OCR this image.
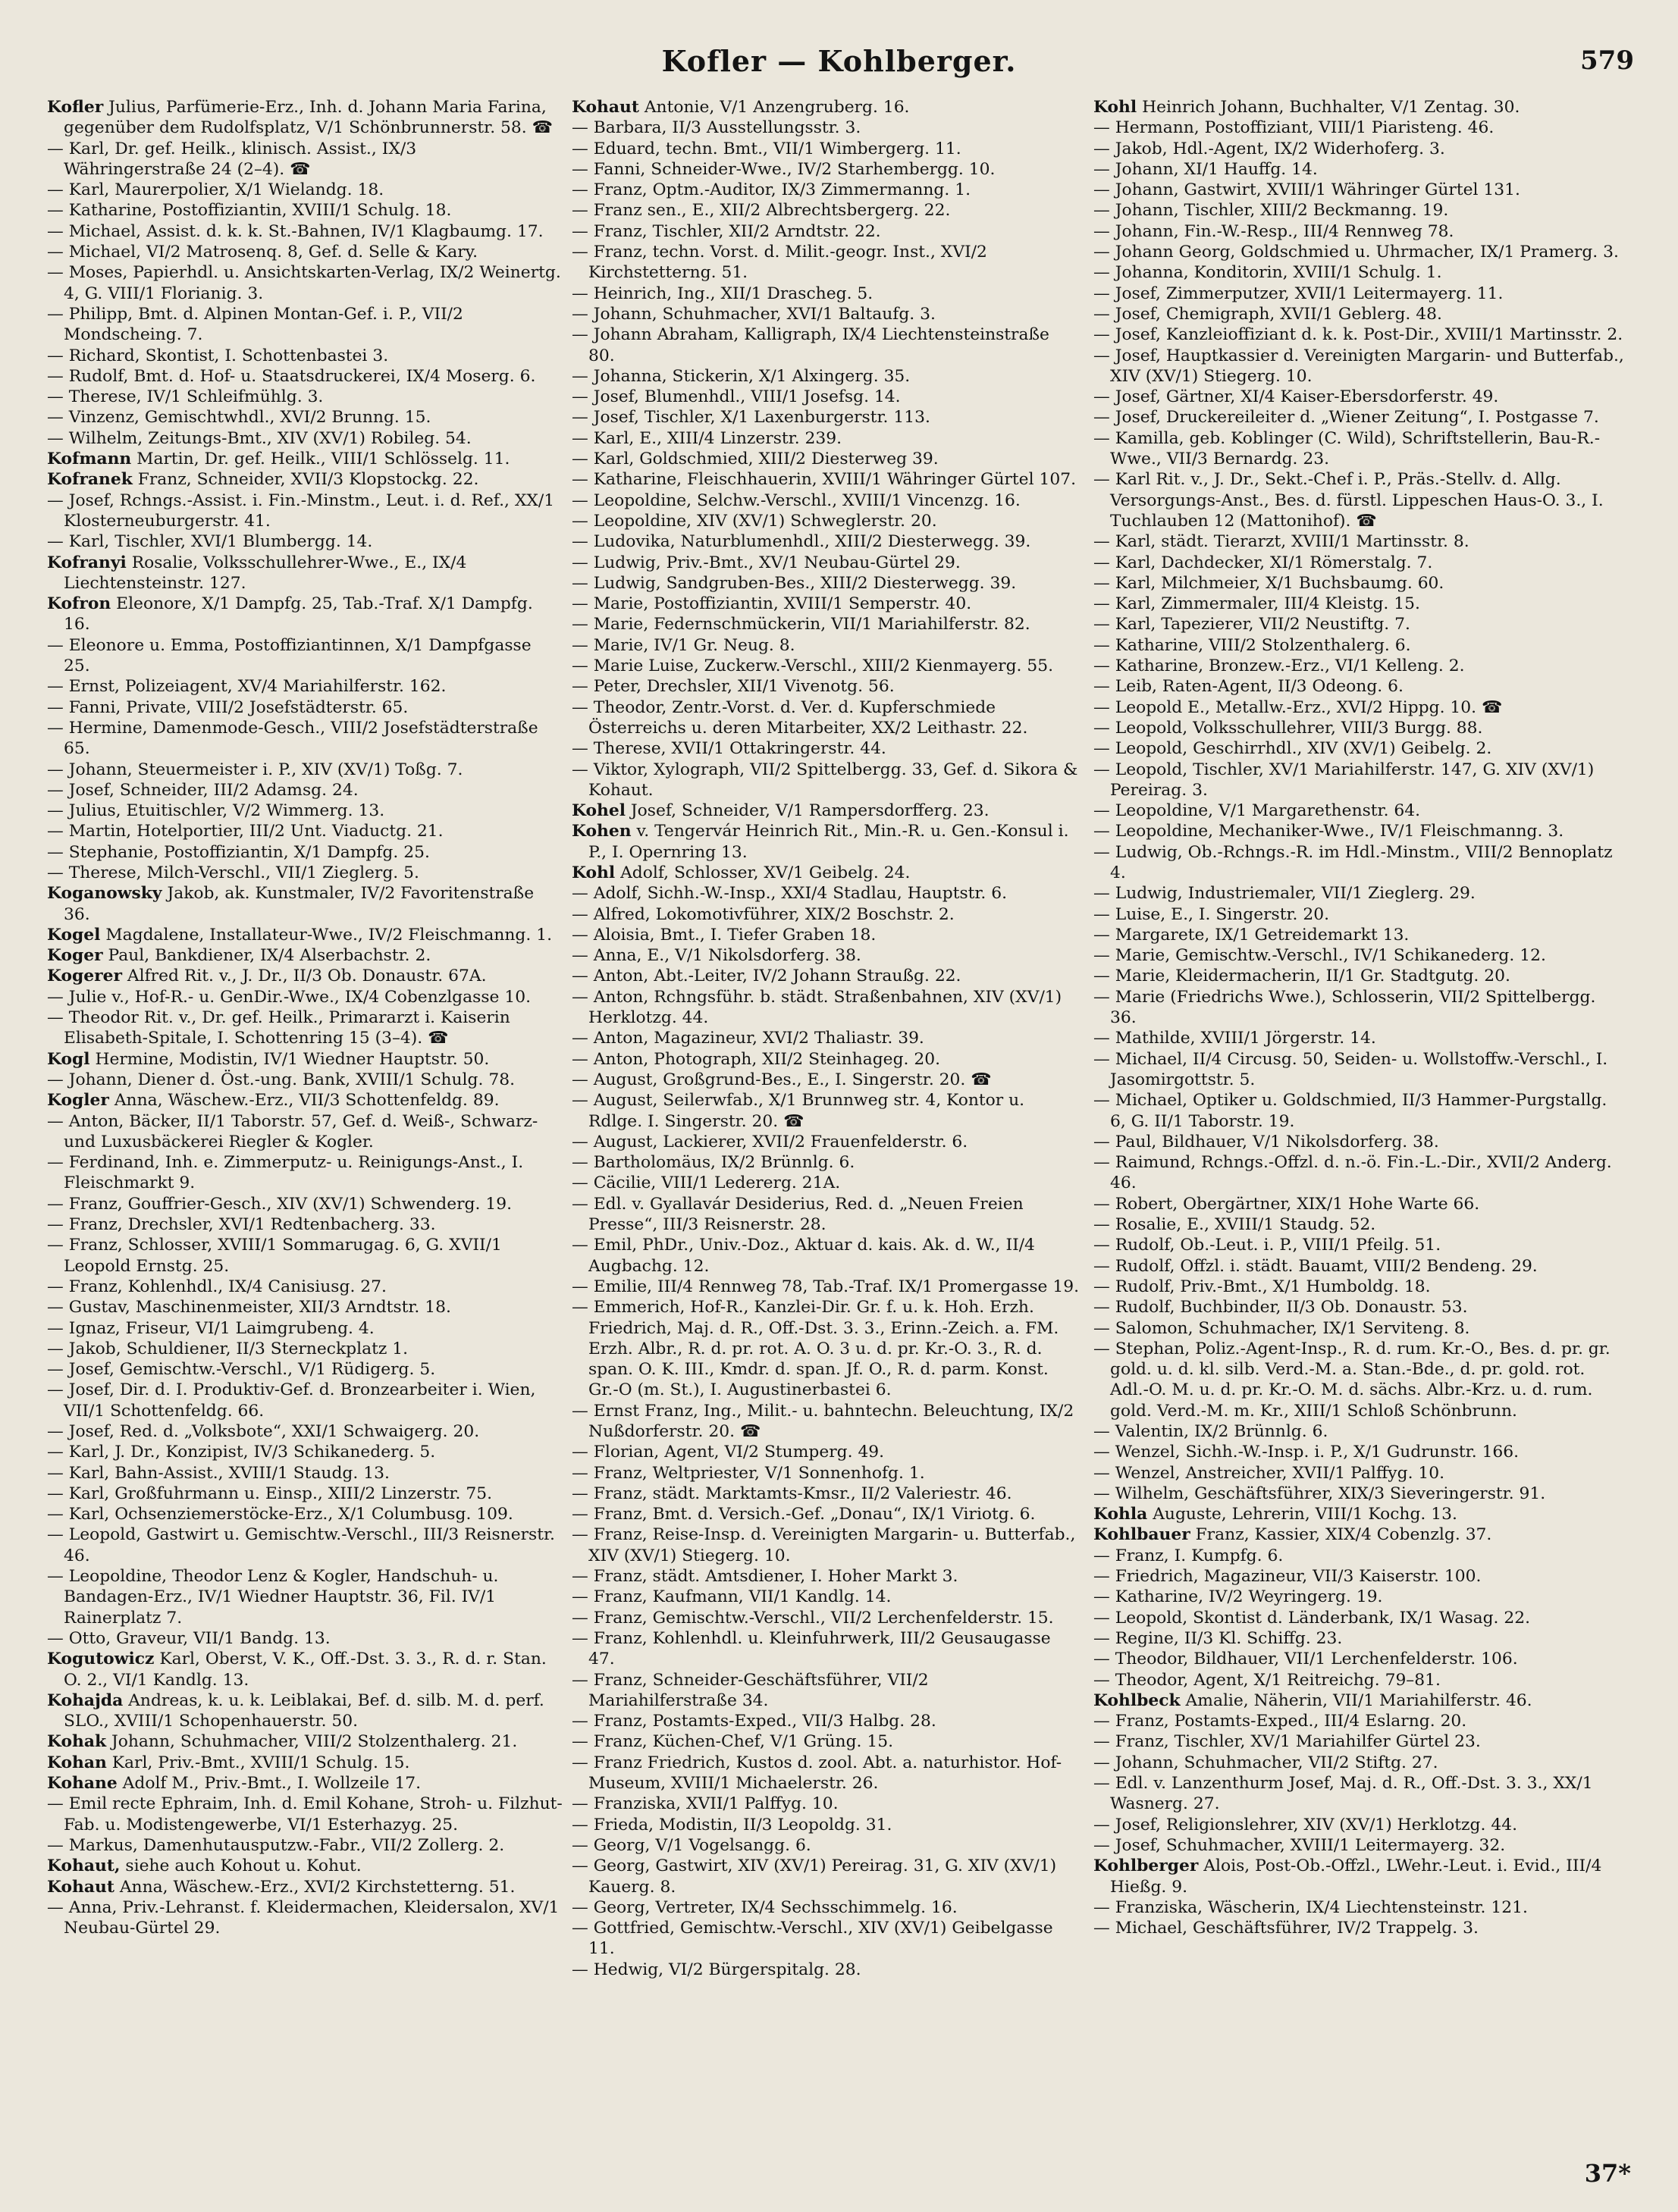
Kofler — Kohlberger.	579

Kofler Julius, Parfümerie-Erz., Inh. d. Johann Maria Farina, gegenüber dem Rudolfsplatz, V/1 Schönbrunnerstr. 58. ☎

— Karl, Dr. gef. Heilk., klinisch. Assist., IX/3 Währingerstraße 24 (2–4). ☎

— Karl, Maurerpolier, X/1 Wielandg. 18.

— Katharine, Postoffiziantin, XVIII/1 Schulg. 18.

— Michael, Assist. d. k. k. St.-Bahnen, IV/1 Klagbaumg. 17.

— Michael, VI/2 Matrosenq. 8, Gef. d. Selle & Kary.

— Moses, Papierhdl. u. Ansichtskarten-Verlag, IX/2 Weinertg. 4, G. VIII/1 Florianig. 3.

— Philipp, Bmt. d. Alpinen Montan-Gef. i. P., VII/2 Mondscheing. 7.

— Richard, Skontist, I. Schottenbastei 3.

— Rudolf, Bmt. d. Hof- u. Staatsdruckerei, IX/4 Moserg. 6.

— Therese, IV/1 Schleifmühlg. 3.

— Vinzenz, Gemischtwhdl., XVI/2 Brunng. 15.

— Wilhelm, Zeitungs-Bmt., XIV (XV/1) Robileg. 54.

Kofmann Martin, Dr. gef. Heilk., VIII/1 Schlösselg. 11.

Kofranek Franz, Schneider, XVII/3 Klopstockg. 22.

— Josef, Rchngs.-Assist. i. Fin.-Minstm., Leut. i. d. Ref., XX/1 Klosterneuburgerstr. 41.

— Karl, Tischler, XVI/1 Blumbergg. 14.

Kofranyi Rosalie, Volksschullehrer-Wwe., E., IX/4 Liechtensteinstr. 127.

Kofron Eleonore, X/1 Dampfg. 25, Tab.-Traf. X/1 Dampfg. 16.

— Eleonore u. Emma, Postoffiziantinnen, X/1 Dampfgasse 25.

— Ernst, Polizeiagent, XV/4 Mariahilferstr. 162.

— Fanni, Private, VIII/2 Josefstädterstr. 65.

— Hermine, Damenmode-Gesch., VIII/2 Josefstädterstraße 65.

— Johann, Steuermeister i. P., XIV (XV/1) Toßg. 7.

— Josef, Schneider, III/2 Adamsg. 24.

— Julius, Etuitischler, V/2 Wimmerg. 13.

— Martin, Hotelportier, III/2 Unt. Viaductg. 21.

— Stephanie, Postoffiziantin, X/1 Dampfg. 25.

— Therese, Milch-Verschl., VII/1 Zieglerg. 5.

Koganowsky Jakob, ak. Kunstmaler, IV/2 Favoritenstraße 36.

Kogel Magdalene, Installateur-Wwe., IV/2 Fleischmanng. 1.

Koger Paul, Bankdiener, IX/4 Alserbachstr. 2.

Kogerer Alfred Rit. v., J. Dr., II/3 Ob. Donaustr. 67A.

— Julie v., Hof-R.- u. GenDir.-Wwe., IX/4 Cobenzlgasse 10.

— Theodor Rit. v., Dr. gef. Heilk., Primararzt i. Kaiserin Elisabeth-Spitale, I. Schottenring 15 (3–4). ☎

Kogl Hermine, Modistin, IV/1 Wiedner Hauptstr. 50.

— Johann, Diener d. Öst.-ung. Bank, XVIII/1 Schulg. 78.

Kogler Anna, Wäschew.-Erz., VII/3 Schottenfeldg. 89.

— Anton, Bäcker, II/1 Taborstr. 57, Gef. d. Weiß-, Schwarz- und Luxusbäckerei Riegler & Kogler.

— Ferdinand, Inh. e. Zimmerputz- u. Reinigungs-Anst., I. Fleischmarkt 9.

— Franz, Gouffrier-Gesch., XIV (XV/1) Schwenderg. 19.

— Franz, Drechsler, XVI/1 Redtenbacherg. 33.

— Franz, Schlosser, XVIII/1 Sommarugag. 6, G. XVII/1 Leopold Ernstg. 25.

— Franz, Kohlenhdl., IX/4 Canisiusg. 27.

— Gustav, Maschinenmeister, XII/3 Arndtstr. 18.

— Ignaz, Friseur, VI/1 Laimgrubeng. 4.

— Jakob, Schuldiener, II/3 Sterneckplatz 1.

— Josef, Gemischtw.-Verschl., V/1 Rüdigerg. 5.

— Josef, Dir. d. I. Produktiv-Gef. d. Bronzearbeiter i. Wien, VII/1 Schottenfeldg. 66.

— Josef, Red. d. „Volksbote“, XXI/1 Schwaigerg. 20.

— Karl, J. Dr., Konzipist, IV/3 Schikanederg. 5.

— Karl, Bahn-Assist., XVIII/1 Staudg. 13.

— Karl, Großfuhrmann u. Einsp., XIII/2 Linzerstr. 75.

— Karl, Ochsenziemerstöcke-Erz., X/1 Columbusg. 109.

— Leopold, Gastwirt u. Gemischtw.-Verschl., III/3 Reisnerstr. 46.

— Leopoldine, Theodor Lenz & Kogler, Handschuh- u. Bandagen-Erz., IV/1 Wiedner Hauptstr. 36, Fil. IV/1 Rainerplatz 7.

— Otto, Graveur, VII/1 Bandg. 13.

Kogutowicz Karl, Oberst, V. K., Off.-Dst. 3. 3., R. d. r. Stan. O. 2., VI/1 Kandlg. 13.

Kohajda Andreas, k. u. k. Leiblakai, Bef. d. silb. M. d. perf. SLO., XVIII/1 Schopenhauerstr. 50.

Kohak Johann, Schuhmacher, VIII/2 Stolzenthalerg. 21.

Kohan Karl, Priv.-Bmt., XVIII/1 Schulg. 15.

Kohane Adolf M., Priv.-Bmt., I. Wollzeile 17.

— Emil recte Ephraim, Inh. d. Emil Kohane, Stroh- u. Filzhut-Fab. u. Modistengewerbe, VI/1 Esterhazyg. 25.

— Markus, Damenhutausputzw.-Fabr., VII/2 Zollerg. 2.

Kohaut, siehe auch Kohout u. Kohut.

Kohaut Anna, Wäschew.-Erz., XVI/2 Kirchstetterng. 51.

— Anna, Priv.-Lehranst. f. Kleidermachen, Kleidersalon, XV/1 Neubau-Gürtel 29.

Kohaut Antonie, V/1 Anzengruberg. 16.

— Barbara, II/3 Ausstellungsstr. 3.

— Eduard, techn. Bmt., VII/1 Wimbergerg. 11.

— Fanni, Schneider-Wwe., IV/2 Starhembergg. 10.

— Franz, Optm.-Auditor, IX/3 Zimmermanng. 1.

— Franz sen., E., XII/2 Albrechtsbergerg. 22.

— Franz, Tischler, XII/2 Arndtstr. 22.

— Franz, techn. Vorst. d. Milit.-geogr. Inst., XVI/2 Kirchstetterng. 51.

— Heinrich, Ing., XII/1 Drascheg. 5.

— Johann, Schuhmacher, XVI/1 Baltaufg. 3.

— Johann Abraham, Kalligraph, IX/4 Liechtensteinstraße 80.

— Johanna, Stickerin, X/1 Alxingerg. 35.

— Josef, Blumenhdl., VIII/1 Josefsg. 14.

— Josef, Tischler, X/1 Laxenburgerstr. 113.

— Karl, E., XIII/4 Linzerstr. 239.

— Karl, Goldschmied, XIII/2 Diesterweg 39.

— Katharine, Fleischhauerin, XVIII/1 Währinger Gürtel 107.

— Leopoldine, Selchw.-Verschl., XVIII/1 Vincenzg. 16.

— Leopoldine, XIV (XV/1) Schweglerstr. 20.

— Ludovika, Naturblumenhdl., XIII/2 Diesterwegg. 39.

— Ludwig, Priv.-Bmt., XV/1 Neubau-Gürtel 29.

— Ludwig, Sandgruben-Bes., XIII/2 Diesterwegg. 39.

— Marie, Postoffiziantin, XVIII/1 Semperstr. 40.

— Marie, Federnschmückerin, VII/1 Mariahilferstr. 82.

— Marie, IV/1 Gr. Neug. 8.

— Marie Luise, Zuckerw.-Verschl., XIII/2 Kienmayerg. 55.

— Peter, Drechsler, XII/1 Vivenotg. 56.

— Theodor, Zentr.-Vorst. d. Ver. d. Kupferschmiede Österreichs u. deren Mitarbeiter, XX/2 Leithastr. 22.

— Therese, XVII/1 Ottakringerstr. 44.

— Viktor, Xylograph, VII/2 Spittelbergg. 33, Gef. d. Sikora & Kohaut.

Kohel Josef, Schneider, V/1 Rampersdorfferg. 23.

Kohen v. Tengervár Heinrich Rit., Min.-R. u. Gen.-Konsul i. P., I. Opernring 13.

Kohl Adolf, Schlosser, XV/1 Geibelg. 24.

— Adolf, Sichh.-W.-Insp., XXI/4 Stadlau, Hauptstr. 6.

— Alfred, Lokomotivführer, XIX/2 Boschstr. 2.

— Aloisia, Bmt., I. Tiefer Graben 18.

— Anna, E., V/1 Nikolsdorferg. 38.

— Anton, Abt.-Leiter, IV/2 Johann Straußg. 22.

— Anton, Rchngsführ. b. städt. Straßenbahnen, XIV (XV/1) Herklotzg. 44.

— Anton, Magazineur, XVI/2 Thaliastr. 39.

— Anton, Photograph, XII/2 Steinhageg. 20.

— August, Großgrund-Bes., E., I. Singerstr. 20. ☎

— August, Seilerwfab., X/1 Brunnweg str. 4, Kontor u. Rdlge. I. Singerstr. 20. ☎

— August, Lackierer, XVII/2 Frauenfelderstr. 6.

— Bartholomäus, IX/2 Brünnlg. 6.

— Cäcilie, VIII/1 Ledererg. 21A.

— Edl. v. Gyallavár Desiderius, Red. d. „Neuen Freien Presse“, III/3 Reisnerstr. 28.

— Emil, PhDr., Univ.-Doz., Aktuar d. kais. Ak. d. W., II/4 Augbachg. 12.

— Emilie, III/4 Rennweg 78, Tab.-Traf. IX/1 Promergasse 19.

— Emmerich, Hof-R., Kanzlei-Dir. Gr. f. u. k. Hoh. Erzh. Friedrich, Maj. d. R., Off.-Dst. 3. 3., Erinn.-Zeich. a. FM. Erzh. Albr., R. d. pr. rot. A. O. 3 u. d. pr. Kr.-O. 3., R. d. span. O. K. III., Kmdr. d. span. Jf. O., R. d. parm. Konst. Gr.-O (m. St.), I. Augustinerbastei 6.

— Ernst Franz, Ing., Milit.- u. bahntechn. Beleuchtung, IX/2 Nußdorferstr. 20. ☎

— Florian, Agent, VI/2 Stumperg. 49.

— Franz, Weltpriester, V/1 Sonnenhofg. 1.

— Franz, städt. Marktamts-Kmsr., II/2 Valeriestr. 46.

— Franz, Bmt. d. Versich.-Gef. „Donau“, IX/1 Viriotg. 6.

— Franz, Reise-Insp. d. Vereinigten Margarin- u. Butterfab., XIV (XV/1) Stiegerg. 10.

— Franz, städt. Amtsdiener, I. Hoher Markt 3.

— Franz, Kaufmann, VII/1 Kandlg. 14.

— Franz, Gemischtw.-Verschl., VII/2 Lerchenfelderstr. 15.

— Franz, Kohlenhdl. u. Kleinfuhrwerk, III/2 Geusaugasse 47.

— Franz, Schneider-Geschäftsführer, VII/2 Mariahilferstraße 34.

— Franz, Postamts-Exped., VII/3 Halbg. 28.

— Franz, Küchen-Chef, V/1 Grüng. 15.

— Franz Friedrich, Kustos d. zool. Abt. a. naturhistor. Hof-Museum, XVIII/1 Michaelerstr. 26.

— Franziska, XVII/1 Palffyg. 10.

— Frieda, Modistin, II/3 Leopoldg. 31.

— Georg, V/1 Vogelsangg. 6.

— Georg, Gastwirt, XIV (XV/1) Pereirag. 31, G. XIV (XV/1) Kauerg. 8.

— Georg, Vertreter, IX/4 Sechsschimmelg. 16.

— Gottfried, Gemischtw.-Verschl., XIV (XV/1) Geibelgasse 11.

— Hedwig, VI/2 Bürgerspitalg. 28.

Kohl Heinrich Johann, Buchhalter, V/1 Zentag. 30.

— Hermann, Postoffiziant, VIII/1 Piaristeng. 46.

— Jakob, Hdl.-Agent, IX/2 Widerhoferg. 3.

— Johann, XI/1 Hauffg. 14.

— Johann, Gastwirt, XVIII/1 Währinger Gürtel 131.

— Johann, Tischler, XIII/2 Beckmanng. 19.

— Johann, Fin.-W.-Resp., III/4 Rennweg 78.

— Johann Georg, Goldschmied u. Uhrmacher, IX/1 Pramerg. 3.

— Johanna, Konditorin, XVIII/1 Schulg. 1.

— Josef, Zimmerputzer, XVII/1 Leitermayerg. 11.

— Josef, Chemigraph, XVII/1 Geblerg. 48.

— Josef, Kanzleioffiziant d. k. k. Post-Dir., XVIII/1 Martinsstr. 2.

— Josef, Hauptkassier d. Vereinigten Margarin- und Butterfab., XIV (XV/1) Stiegerg. 10.

— Josef, Gärtner, XI/4 Kaiser-Ebersdorferstr. 49.

— Josef, Druckereileiter d. „Wiener Zeitung“, I. Postgasse 7.

— Kamilla, geb. Koblinger (C. Wild), Schriftstellerin, Bau-R.-Wwe., VII/3 Bernardg. 23.

— Karl Rit. v., J. Dr., Sekt.-Chef i. P., Präs.-Stellv. d. Allg. Versorgungs-Anst., Bes. d. fürstl. Lippeschen Haus-O. 3., I. Tuchlauben 12 (Mattonihof). ☎

— Karl, städt. Tierarzt, XVIII/1 Martinsstr. 8.

— Karl, Dachdecker, XI/1 Römerstalg. 7.

— Karl, Milchmeier, X/1 Buchsbaumg. 60.

— Karl, Zimmermaler, III/4 Kleistg. 15.

— Karl, Tapezierer, VII/2 Neustiftg. 7.

— Katharine, VIII/2 Stolzenthalerg. 6.

— Katharine, Bronzew.-Erz., VI/1 Kelleng. 2.

— Leib, Raten-Agent, II/3 Odeong. 6.

— Leopold E., Metallw.-Erz., XVI/2 Hippg. 10. ☎

— Leopold, Volksschullehrer, VIII/3 Burgg. 88.

— Leopold, Geschirrhdl., XIV (XV/1) Geibelg. 2.

— Leopold, Tischler, XV/1 Mariahilferstr. 147, G. XIV (XV/1) Pereirag. 3.

— Leopoldine, V/1 Margarethenstr. 64.

— Leopoldine, Mechaniker-Wwe., IV/1 Fleischmanng. 3.

— Ludwig, Ob.-Rchngs.-R. im Hdl.-Minstm., VIII/2 Bennoplatz 4.

— Ludwig, Industriemaler, VII/1 Zieglerg. 29.

— Luise, E., I. Singerstr. 20.

— Margarete, IX/1 Getreidemarkt 13.

— Marie, Gemischtw.-Verschl., IV/1 Schikanederg. 12.

— Marie, Kleidermacherin, II/1 Gr. Stadtgutg. 20.

— Marie (Friedrichs Wwe.), Schlosserin, VII/2 Spittelbergg. 36.

— Mathilde, XVIII/1 Jörgerstr. 14.

— Michael, II/4 Circusg. 50, Seiden- u. Wollstoffw.-Verschl., I. Jasomirgottstr. 5.

— Michael, Optiker u. Goldschmied, II/3 Hammer-Purgstallg. 6, G. II/1 Taborstr. 19.

— Paul, Bildhauer, V/1 Nikolsdorferg. 38.

— Raimund, Rchngs.-Offzl. d. n.-ö. Fin.-L.-Dir., XVII/2 Anderg. 46.

— Robert, Obergärtner, XIX/1 Hohe Warte 66.

— Rosalie, E., XVIII/1 Staudg. 52.

— Rudolf, Ob.-Leut. i. P., VIII/1 Pfeilg. 51.

— Rudolf, Offzl. i. städt. Bauamt, VIII/2 Bendeng. 29.

— Rudolf, Priv.-Bmt., X/1 Humboldg. 18.

— Rudolf, Buchbinder, II/3 Ob. Donaustr. 53.

— Salomon, Schuhmacher, IX/1 Serviteng. 8.

— Stephan, Poliz.-Agent-Insp., R. d. rum. Kr.-O., Bes. d. pr. gr. gold. u. d. kl. silb. Verd.-M. a. Stan.-Bde., d. pr. gold. rot. Adl.-O. M. u. d. pr. Kr.-O. M. d. sächs. Albr.-Krz. u. d. rum. gold. Verd.-M. m. Kr., XIII/1 Schloß Schönbrunn.

— Valentin, IX/2 Brünnlg. 6.

— Wenzel, Sichh.-W.-Insp. i. P., X/1 Gudrunstr. 166.

— Wenzel, Anstreicher, XVII/1 Palffyg. 10.

— Wilhelm, Geschäftsführer, XIX/3 Sieveringerstr. 91.

Kohla Auguste, Lehrerin, VIII/1 Kochg. 13.

Kohlbauer Franz, Kassier, XIX/4 Cobenzlg. 37.

— Franz, I. Kumpfg. 6.

— Friedrich, Magazineur, VII/3 Kaiserstr. 100.

— Katharine, IV/2 Weyringerg. 19.

— Leopold, Skontist d. Länderbank, IX/1 Wasag. 22.

— Regine, II/3 Kl. Schiffg. 23.

— Theodor, Bildhauer, VII/1 Lerchenfelderstr. 106.

— Theodor, Agent, X/1 Reitreichg. 79–81.

Kohlbeck Amalie, Näherin, VII/1 Mariahilferstr. 46.

— Franz, Postamts-Exped., III/4 Eslarng. 20.

— Franz, Tischler, XV/1 Mariahilfer Gürtel 23.

— Johann, Schuhmacher, VII/2 Stiftg. 27.

— Edl. v. Lanzenthurm Josef, Maj. d. R., Off.-Dst. 3. 3., XX/1 Wasnerg. 27.

— Josef, Religionslehrer, XIV (XV/1) Herklotzg. 44.

— Josef, Schuhmacher, XVIII/1 Leitermayerg. 32.

Kohlberger Alois, Post-Ob.-Offzl., LWehr.-Leut. i. Evid., III/4 Hießg. 9.

— Franziska, Wäscherin, IX/4 Liechtensteinstr. 121.

— Michael, Geschäftsführer, IV/2 Trappelg. 3.

37*
